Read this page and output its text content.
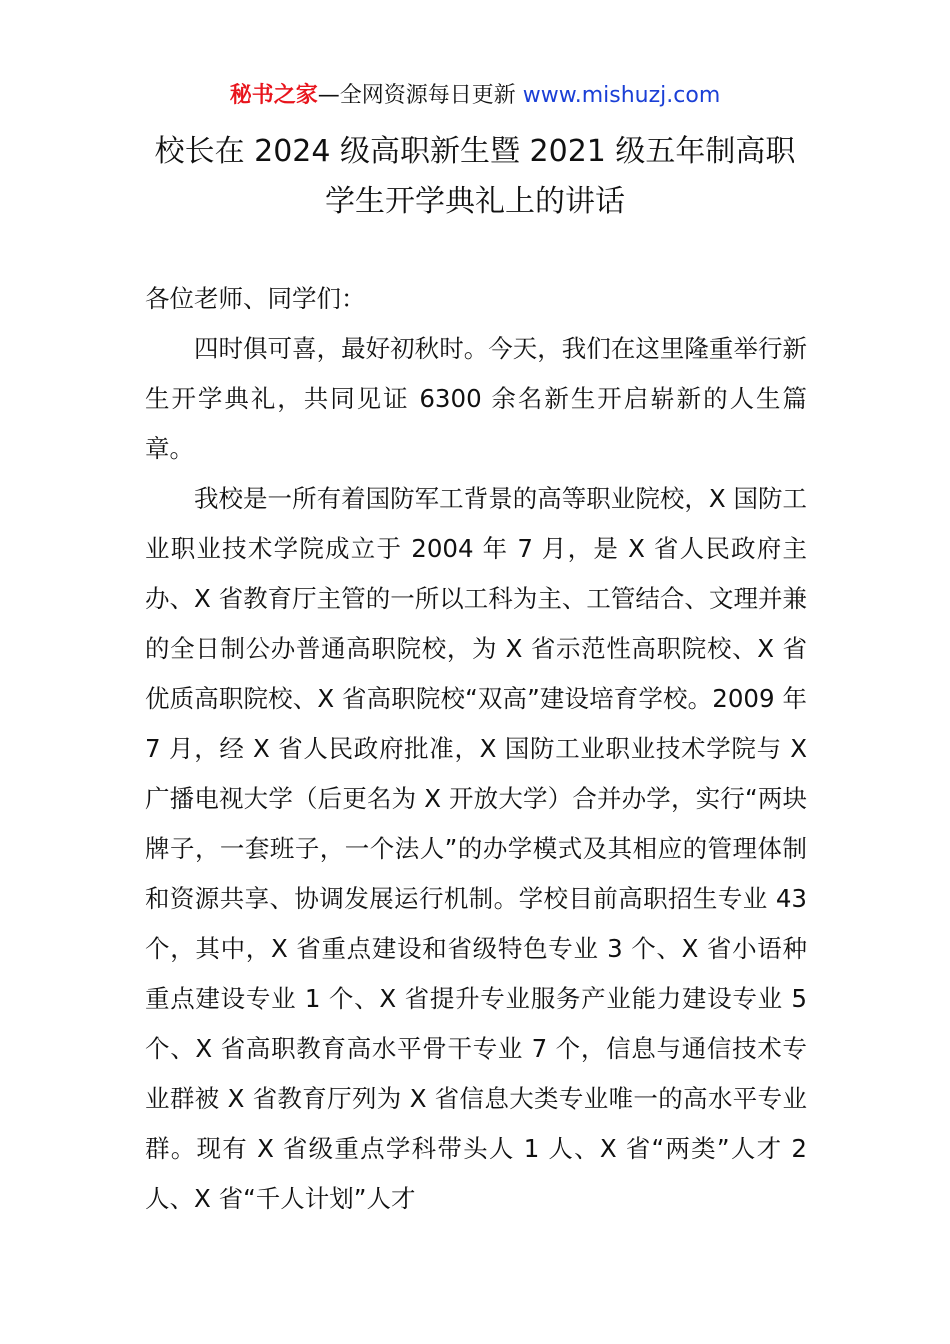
秘书之家—全网资源每日更新 www.mishuzj.com
校长在 2024 级高职新生暨 2021 级五年制高职
学生开学典礼上的讲话

各位老师、同学们：

四时俱可喜，最好初秋时。今天，我们在这里隆重举行新生开学典礼，共同见证 6300 余名新生开启崭新的人生篇章。

我校是一所有着国防军工背景的高等职业院校，X 国防工业职业技术学院成立于 2004 年 7 月，是 X 省人民政府主办、X 省教育厅主管的一所以工科为主、工管结合、文理并兼的全日制公办普通高职院校，为 X 省示范性高职院校、X 省优质高职院校、X 省高职院校“双高”建设培育学校。2009 年 7 月，经 X 省人民政府批准，X 国防工业职业技术学院与 X 广播电视大学（后更名为 X 开放大学）合并办学，实行“两块牌子，一套班子，一个法人”的办学模式及其相应的管理体制和资源共享、协调发展运行机制。学校目前高职招生专业 43 个，其中，X 省重点建设和省级特色专业 3 个、X 省小语种重点建设专业 1 个、X 省提升专业服务产业能力建设专业 5 个、X 省高职教育高水平骨干专业 7 个，信息与通信技术专业群被 X 省教育厅列为 X 省信息大类专业唯一的高水平专业群。现有 X 省级重点学科带头人 1 人、X 省“两类”人才 2 人、X 省“千人计划”人才
